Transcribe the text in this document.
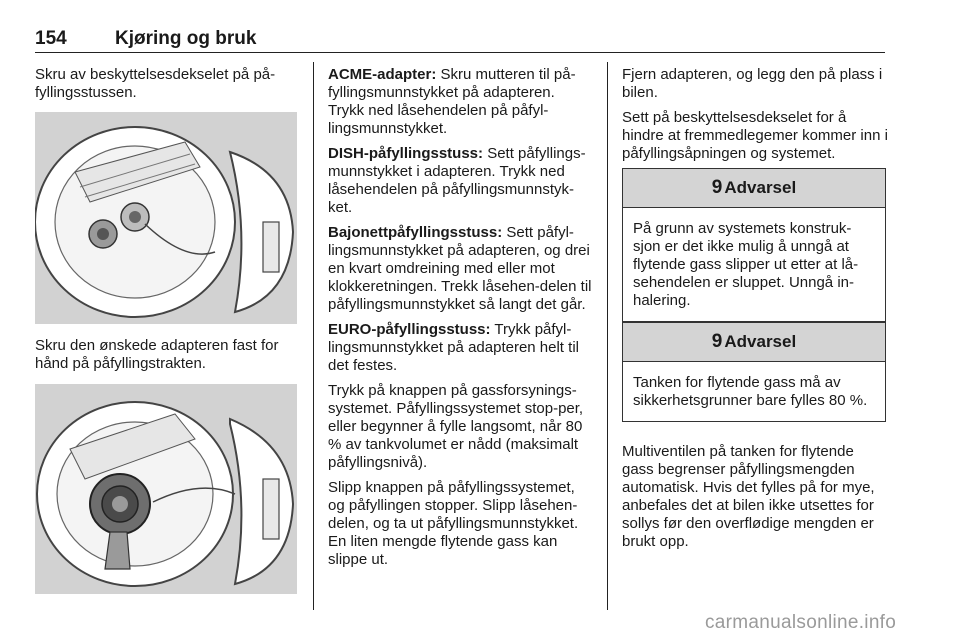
154	Kjøring og bruk

Skru av beskyttelsesdekselet på på-fyllingsstussen.

Skru den ønskede adapteren fast for hånd på påfyllingstrakten.

ACME-adapter: Skru mutteren til på-fyllingsmunnstykket på adapteren. Trykk ned låsehendelen på påfyl-lingsmunnstykket.

DISH-påfyllingsstuss: Sett påfyllings-munnstykket i adapteren. Trykk ned låsehendelen på påfyllingsmunnstyk-ket.

Bajonettpåfyllingsstuss: Sett påfyl-lingsmunnstykket på adapteren, og drei en kvart omdreining med eller mot klokkeretningen. Trekk låsehen-delen til påfyllingsmunnstykket så langt det går.

EURO-påfyllingsstuss: Trykk påfyl-lingsmunnstykket på adapteren helt til det festes.

Trykk på knappen på gassforsynings-systemet. Påfyllingssystemet stop-per, eller begynner å fylle langsomt, når 80 % av tankvolumet er nådd (maksimalt påfyllingsnivå).

Slipp knappen på påfyllingssystemet, og påfyllingen stopper. Slipp låsehen-delen, og ta ut påfyllingsmunnstykket. En liten mengde flytende gass kan slippe ut.

Fjern adapteren, og legg den på plass i bilen.

Sett på beskyttelsesdekselet for å hindre at fremmedlegemer kommer inn i påfyllingsåpningen og systemet.

9 Advarsel
På grunn av systemets konstruk-sjon er det ikke mulig å unngå at flytende gass slipper ut etter at lå-sehendelen er sluppet. Unngå in-halering.
9 Advarsel
Tanken for flytende gass må av sikkerhetsgrunner bare fylles 80 %.

Multiventilen på tanken for flytende gass begrenser påfyllingsmengden automatisk. Hvis det fylles på for mye, anbefales det at bilen ikke utsettes for sollys før den overflødige mengden er brukt opp.

carmanualsonline.info
